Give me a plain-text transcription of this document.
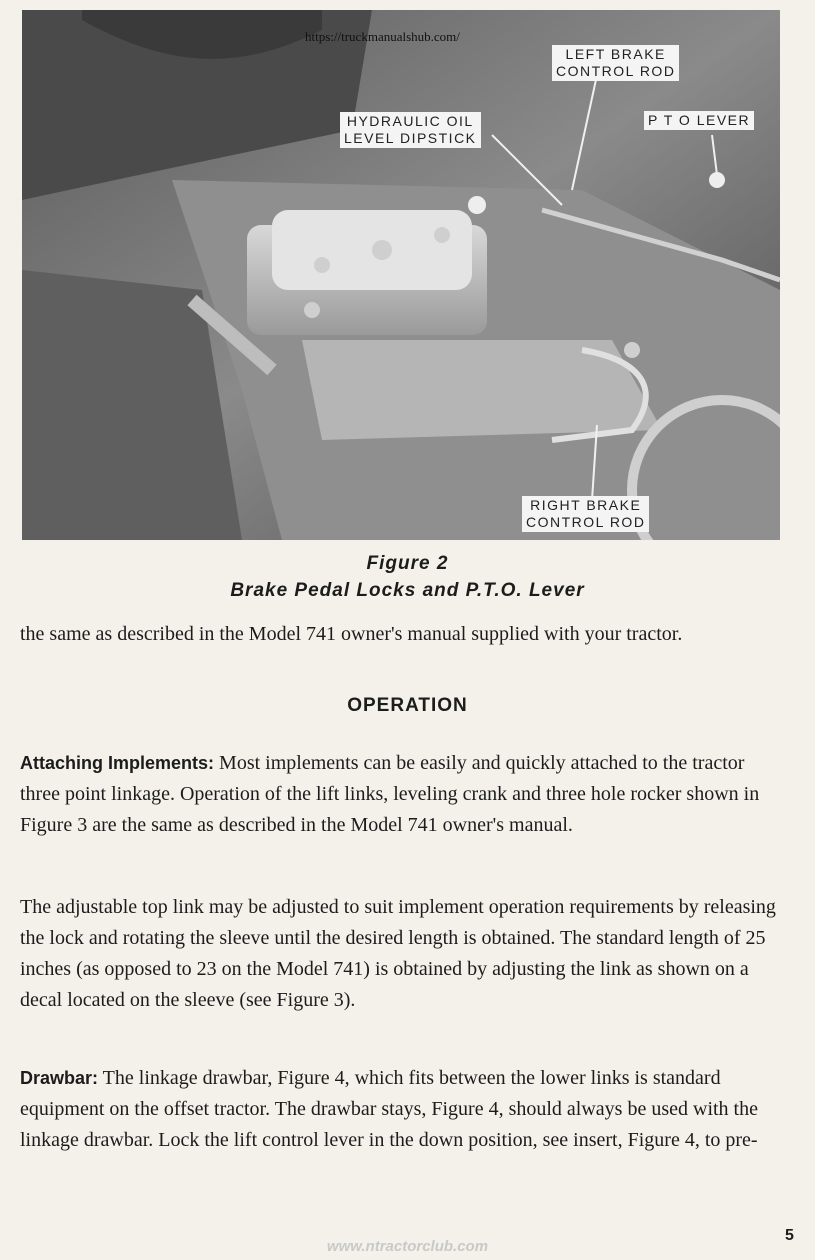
https://truckmanualshub.com/
LEFT BRAKE
CONTROL ROD
HYDRAULIC OIL
LEVEL DIPSTICK
P T O LEVER
RIGHT BRAKE
CONTROL ROD
Figure 2
Brake Pedal Locks and P.T.O. Lever
the same as described in the Model 741 owner's manual supplied with your tractor.
OPERATION
Attaching Implements: Most implements can be easily and quickly attached to the tractor three point linkage. Operation of the lift links, leveling crank and three hole rocker shown in Figure 3 are the same as described in the Model 741 owner's manual.
The adjustable top link may be adjusted to suit implement operation requirements by releasing the lock and rotating the sleeve until the desired length is obtained. The standard length of 25 inches (as opposed to 23 on the Model 741) is obtained by adjusting the link as shown on a decal located on the sleeve (see Figure 3).
Drawbar: The linkage drawbar, Figure 4, which fits between the lower links is standard equipment on the offset tractor. The drawbar stays, Figure 4, should always be used with the linkage drawbar. Lock the lift control lever in the down position, see insert, Figure 4, to pre-
5
www.ntractorclub.com
